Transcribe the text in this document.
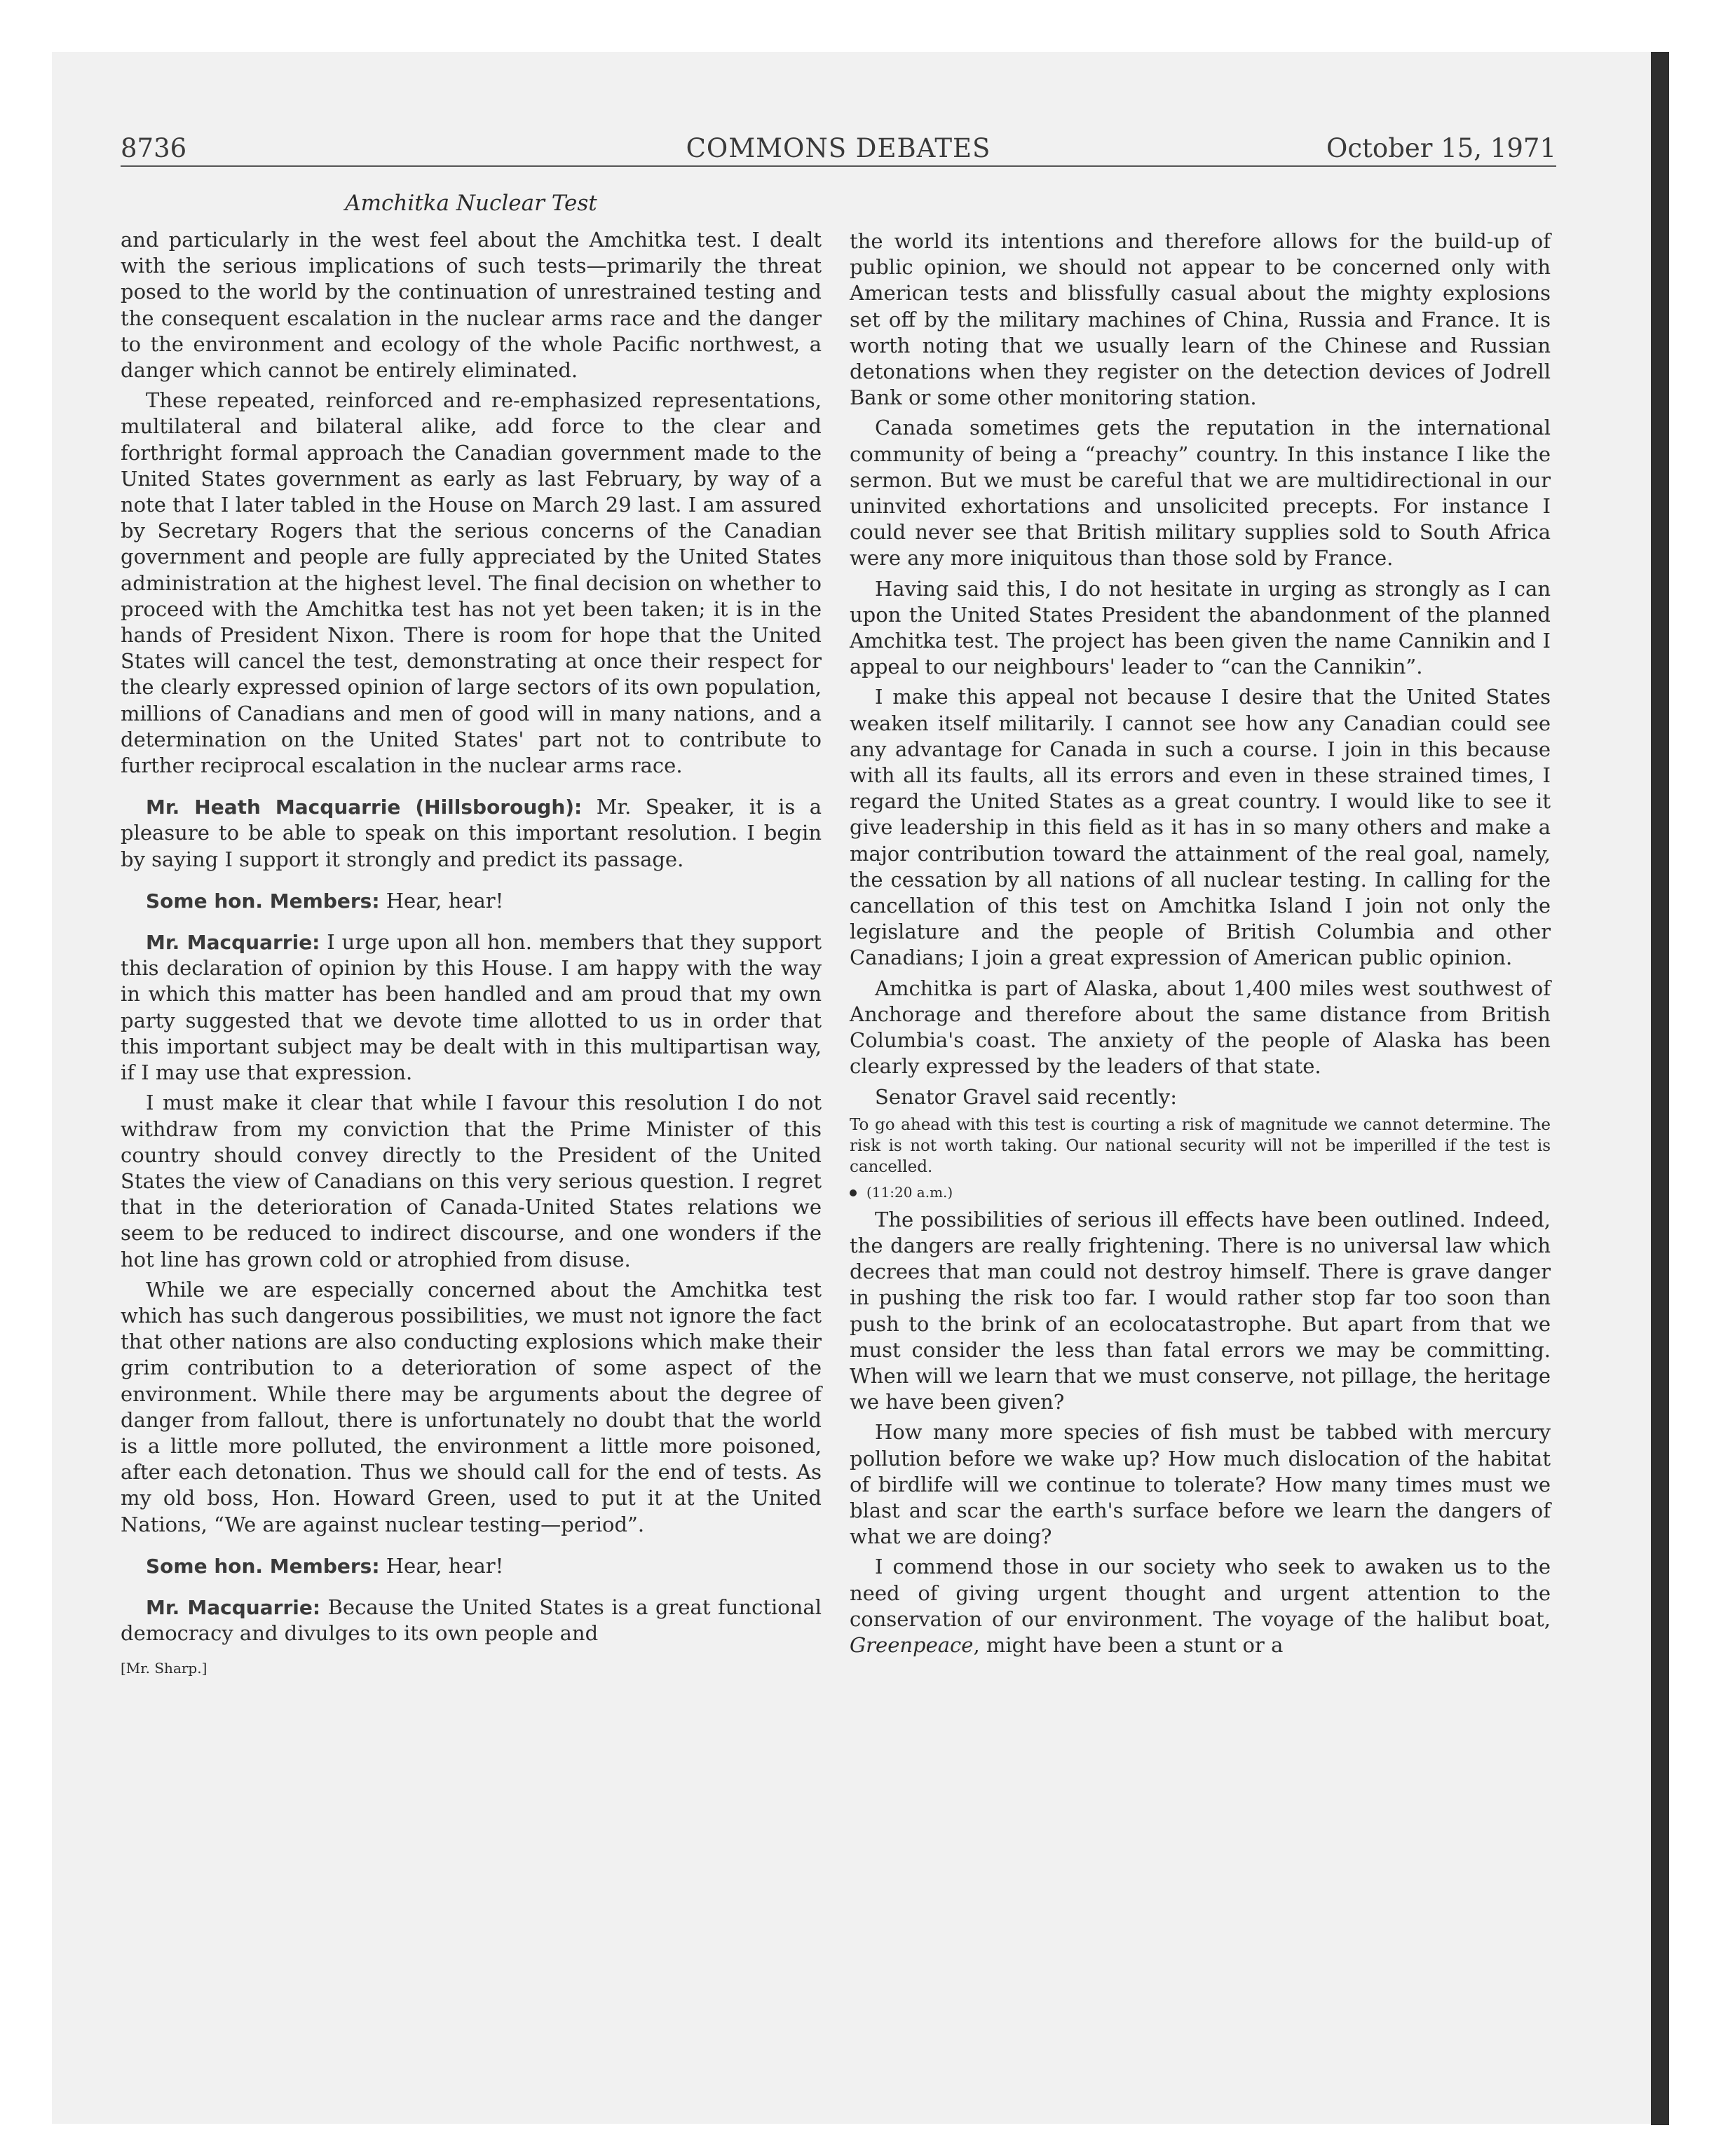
8736	COMMONS DEBATES	October 15, 1971
Amchitka Nuclear Test

and particularly in the west feel about the Amchitka test. I dealt with the serious implications of such tests—primarily the threat posed to the world by the continuation of unrestrained testing and the consequent escalation in the nuclear arms race and the danger to the environment and ecology of the whole Pacific northwest, a danger which cannot be entirely eliminated.

These repeated, reinforced and re-emphasized representations, multilateral and bilateral alike, add force to the clear and forthright formal approach the Canadian government made to the United States government as early as last February, by way of a note that I later tabled in the House on March 29 last. I am assured by Secretary Rogers that the serious concerns of the Canadian government and people are fully appreciated by the United States administration at the highest level. The final decision on whether to proceed with the Amchitka test has not yet been taken; it is in the hands of President Nixon. There is room for hope that the United States will cancel the test, demonstrating at once their respect for the clearly expressed opinion of large sectors of its own population, millions of Canadians and men of good will in many nations, and a determination on the United States' part not to contribute to further reciprocal escalation in the nuclear arms race.

Mr. Heath Macquarrie (Hillsborough): Mr. Speaker, it is a pleasure to be able to speak on this important resolution. I begin by saying I support it strongly and predict its passage.

Some hon. Members: Hear, hear!

Mr. Macquarrie: I urge upon all hon. members that they support this declaration of opinion by this House. I am happy with the way in which this matter has been handled and am proud that my own party suggested that we devote time allotted to us in order that this important subject may be dealt with in this multipartisan way, if I may use that expression.

I must make it clear that while I favour this resolution I do not withdraw from my conviction that the Prime Minister of this country should convey directly to the President of the United States the view of Canadians on this very serious question. I regret that in the deterioration of Canada-United States relations we seem to be reduced to indirect discourse, and one wonders if the hot line has grown cold or atrophied from disuse.

While we are especially concerned about the Amchitka test which has such dangerous possibilities, we must not ignore the fact that other nations are also conducting explosions which make their grim contribution to a deterioration of some aspect of the environment. While there may be arguments about the degree of danger from fallout, there is unfortunately no doubt that the world is a little more polluted, the environment a little more poisoned, after each detonation. Thus we should call for the end of tests. As my old boss, Hon. Howard Green, used to put it at the United Nations, “We are against nuclear testing—period”.

Some hon. Members: Hear, hear!

Mr. Macquarrie: Because the United States is a great functional democracy and divulges to its own people and

[Mr. Sharp.]

the world its intentions and therefore allows for the build-up of public opinion, we should not appear to be concerned only with American tests and blissfully casual about the mighty explosions set off by the military machines of China, Russia and France. It is worth noting that we usually learn of the Chinese and Russian detonations when they register on the detection devices of Jodrell Bank or some other monitoring station.

Canada sometimes gets the reputation in the international community of being a “preachy” country. In this instance I like the sermon. But we must be careful that we are multidirectional in our uninvited exhortations and unsolicited precepts. For instance I could never see that British military supplies sold to South Africa were any more iniquitous than those sold by France.

Having said this, I do not hesitate in urging as strongly as I can upon the United States President the abandonment of the planned Amchitka test. The project has been given the name Cannikin and I appeal to our neighbours' leader to “can the Cannikin”.

I make this appeal not because I desire that the United States weaken itself militarily. I cannot see how any Canadian could see any advantage for Canada in such a course. I join in this because with all its faults, all its errors and even in these strained times, I regard the United States as a great country. I would like to see it give leadership in this field as it has in so many others and make a major contribution toward the attainment of the real goal, namely, the cessation by all nations of all nuclear testing. In calling for the cancellation of this test on Amchitka Island I join not only the legislature and the people of British Columbia and other Canadians; I join a great expression of American public opinion.

Amchitka is part of Alaska, about 1,400 miles west southwest of Anchorage and therefore about the same distance from British Columbia's coast. The anxiety of the people of Alaska has been clearly expressed by the leaders of that state.

Senator Gravel said recently:

To go ahead with this test is courting a risk of magnitude we cannot determine. The risk is not worth taking. Our national security will not be imperilled if the test is cancelled.

(11:20 a.m.)

The possibilities of serious ill effects have been outlined. Indeed, the dangers are really frightening. There is no universal law which decrees that man could not destroy himself. There is grave danger in pushing the risk too far. I would rather stop far too soon than push to the brink of an ecolocatastrophe. But apart from that we must consider the less than fatal errors we may be committing. When will we learn that we must conserve, not pillage, the heritage we have been given?

How many more species of fish must be tabbed with mercury pollution before we wake up? How much dislocation of the habitat of birdlife will we continue to tolerate? How many times must we blast and scar the earth's surface before we learn the dangers of what we are doing?

I commend those in our society who seek to awaken us to the need of giving urgent thought and urgent attention to the conservation of our environment. The voyage of the halibut boat, Greenpeace, might have been a stunt or a
